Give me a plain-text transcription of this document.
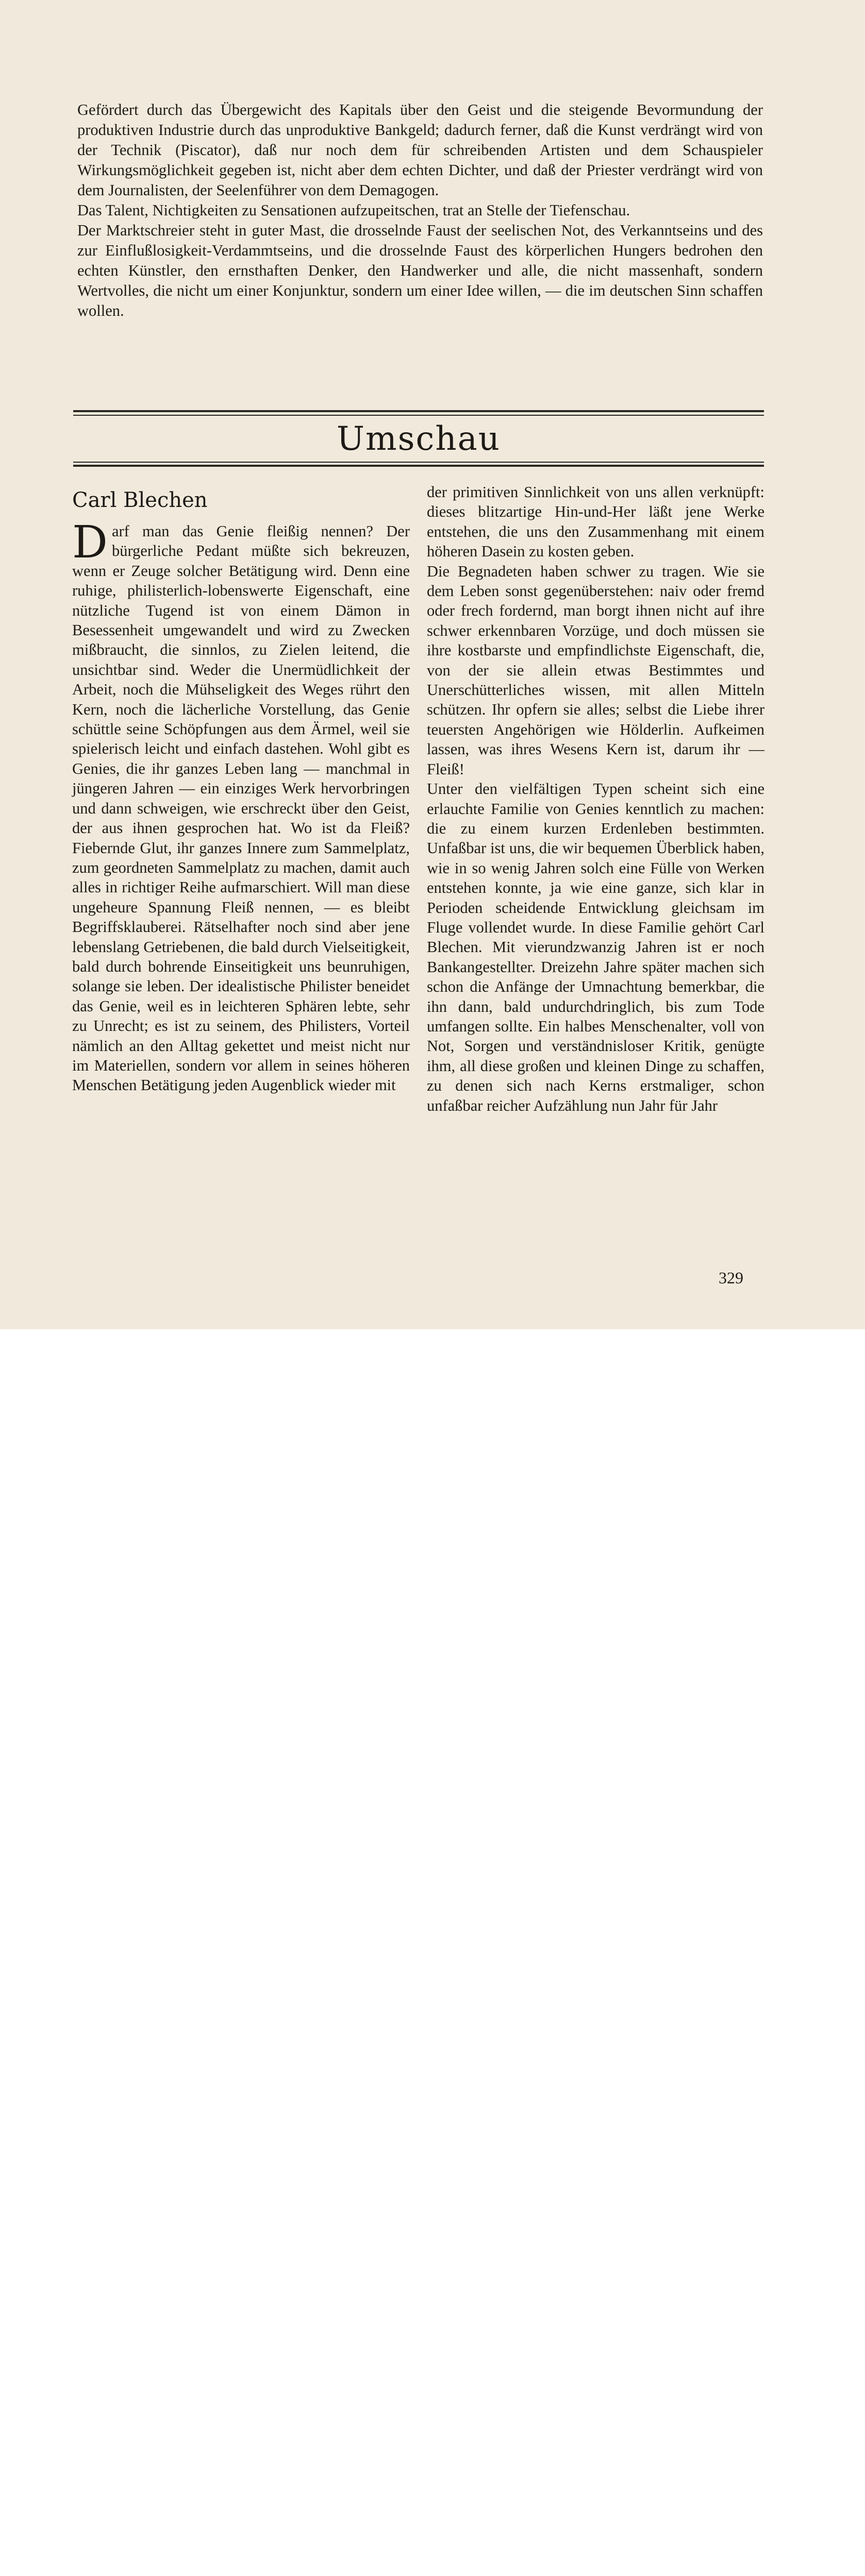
Gefördert durch das Übergewicht des Kapitals über den Geist und die steigende Bevormundung der produktiven Industrie durch das unproduktive Bankgeld; dadurch ferner, daß die Kunst verdrängt wird von der Technik (Piscator), daß nur noch dem für schreibenden Artisten und dem Schauspieler Wirkungsmöglichkeit gegeben ist, nicht aber dem echten Dichter, und daß der Priester verdrängt wird von dem Journalisten, der Seelenführer von dem Demagogen.

Das Talent, Nichtigkeiten zu Sensationen aufzupeitschen, trat an Stelle der Tiefenschau.

Der Marktschreier steht in guter Mast, die drosselnde Faust der seelischen Not, des Verkanntseins und des zur Einflußlosigkeit-Verdammtseins, und die drosselnde Faust des körperlichen Hungers bedrohen den echten Künstler, den ernsthaften Denker, den Handwerker und alle, die nicht massenhaft, sondern Wertvolles, die nicht um einer Konjunktur, sondern um einer Idee willen, — die im deutschen Sinn schaffen wollen.

Umschau
Carl Blechen

Darf man das Genie fleißig nennen? Der bürgerliche Pedant müßte sich bekreuzen, wenn er Zeuge solcher Betätigung wird. Denn eine ruhige, philisterlich-lobenswerte Eigenschaft, eine nützliche Tugend ist von einem Dämon in Besessenheit umgewandelt und wird zu Zwecken mißbraucht, die sinnlos, zu Zielen leitend, die unsichtbar sind. Weder die Unermüdlichkeit der Arbeit, noch die Mühseligkeit des Weges rührt den Kern, noch die lächerliche Vorstellung, das Genie schüttle seine Schöpfungen aus dem Ärmel, weil sie spielerisch leicht und einfach dastehen. Wohl gibt es Genies, die ihr ganzes Leben lang — manchmal in jüngeren Jahren — ein einziges Werk hervorbringen und dann schweigen, wie erschreckt über den Geist, der aus ihnen gesprochen hat. Wo ist da Fleiß? Fiebernde Glut, ihr ganzes Innere zum Sammelplatz, zum geordneten Sammelplatz zu machen, damit auch alles in richtiger Reihe aufmarschiert. Will man diese ungeheure Spannung Fleiß nennen, — es bleibt Begriffsklauberei. Rätselhafter noch sind aber jene lebenslang Getriebenen, die bald durch Vielseitigkeit, bald durch bohrende Einseitigkeit uns beunruhigen, solange sie leben. Der idealistische Philister beneidet das Genie, weil es in leichteren Sphären lebte, sehr zu Unrecht; es ist zu seinem, des Philisters, Vorteil nämlich an den Alltag gekettet und meist nicht nur im Materiellen, sondern vor allem in seines höheren Menschen Betätigung jeden Augenblick wieder mit

der primitiven Sinnlichkeit von uns allen verknüpft: dieses blitzartige Hin-und-Her läßt jene Werke entstehen, die uns den Zusammenhang mit einem höheren Dasein zu kosten geben.

Die Begnadeten haben schwer zu tragen. Wie sie dem Leben sonst gegenüberstehen: naiv oder fremd oder frech fordernd, man borgt ihnen nicht auf ihre schwer erkennbaren Vorzüge, und doch müssen sie ihre kostbarste und empfindlichste Eigenschaft, die, von der sie allein etwas Bestimmtes und Unerschütterliches wissen, mit allen Mitteln schützen. Ihr opfern sie alles; selbst die Liebe ihrer teuersten Angehörigen wie Hölderlin. Aufkeimen lassen, was ihres Wesens Kern ist, darum ihr — Fleiß!

Unter den vielfältigen Typen scheint sich eine erlauchte Familie von Genies kenntlich zu machen: die zu einem kurzen Erdenleben bestimmten. Unfaßbar ist uns, die wir bequemen Überblick haben, wie in so wenig Jahren solch eine Fülle von Werken entstehen konnte, ja wie eine ganze, sich klar in Perioden scheidende Entwicklung gleichsam im Fluge vollendet wurde. In diese Familie gehört Carl Blechen. Mit vierundzwanzig Jahren ist er noch Bankangestellter. Dreizehn Jahre später machen sich schon die Anfänge der Umnachtung bemerkbar, die ihn dann, bald undurchdringlich, bis zum Tode umfangen sollte. Ein halbes Menschenalter, voll von Not, Sorgen und verständnisloser Kritik, genügte ihm, all diese großen und kleinen Dinge zu schaffen, zu denen sich nach Kerns erstmaliger, schon unfaßbar reicher Aufzählung nun Jahr für Jahr

329
